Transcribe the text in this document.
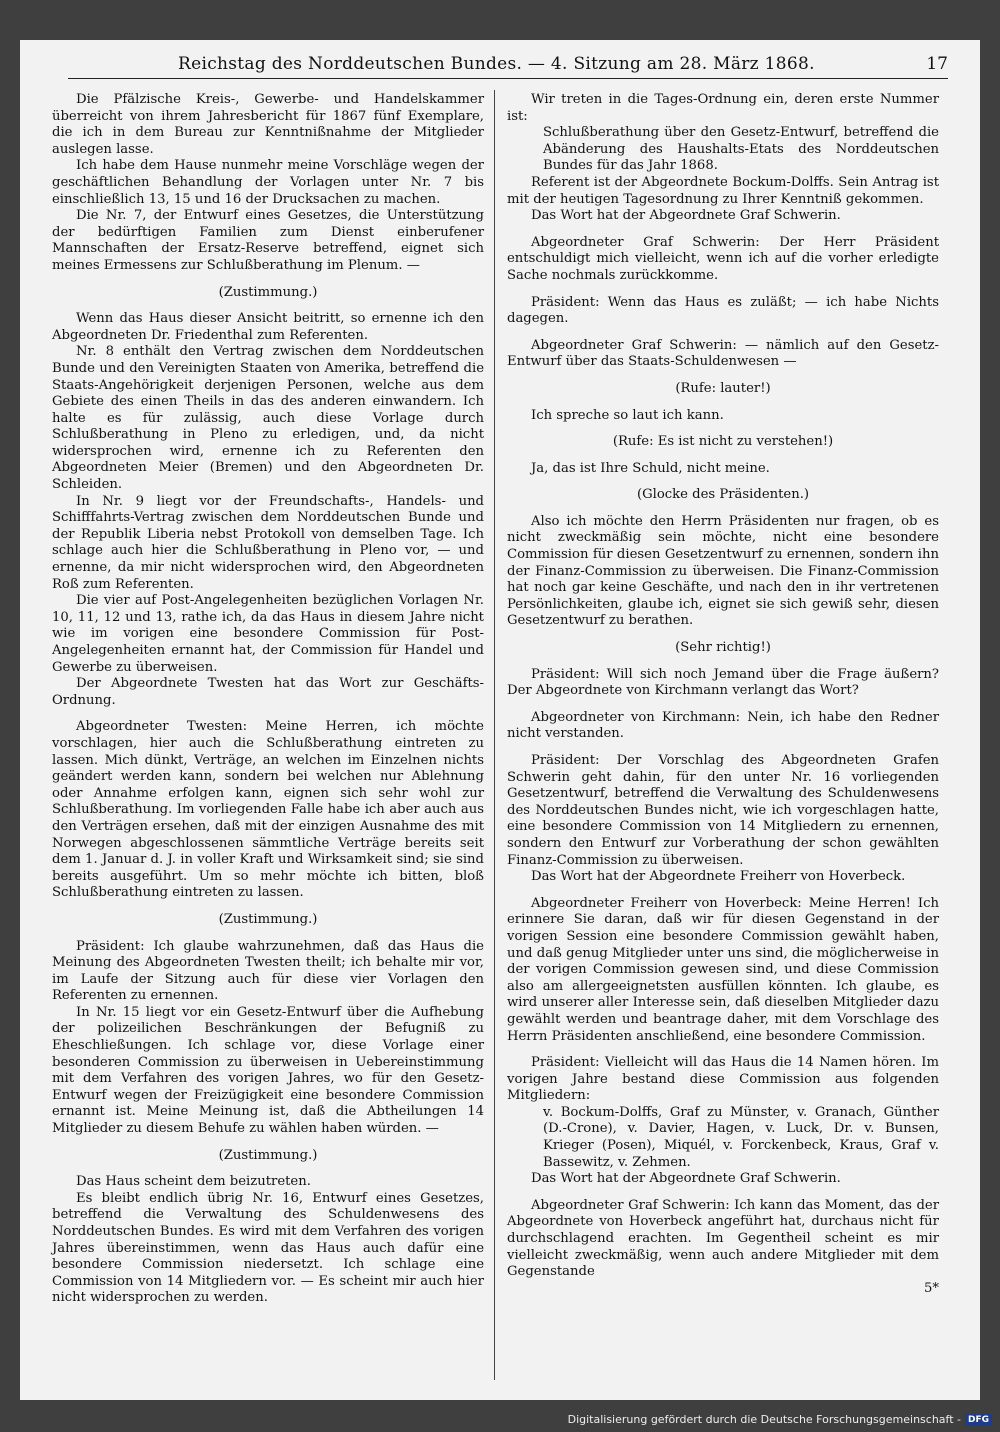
Reichstag des Norddeutschen Bundes. — 4. Sitzung am 28. März 1868.	17

Die Pfälzische Kreis-, Gewerbe- und Handelskammer überreicht von ihrem Jahresbericht für 1867 fünf Exemplare, die ich in dem Bureau zur Kenntnißnahme der Mitglieder auslegen lasse.

Ich habe dem Hause nunmehr meine Vorschläge wegen der geschäftlichen Behandlung der Vorlagen unter Nr. 7 bis einschließlich 13, 15 und 16 der Drucksachen zu machen.

Die Nr. 7, der Entwurf eines Gesetzes, die Unterstützung der bedürftigen Familien zum Dienst einberufener Mannschaften der Ersatz-Reserve betreffend, eignet sich meines Ermessens zur Schlußberathung im Plenum. —

(Zustimmung.)

Wenn das Haus dieser Ansicht beitritt, so ernenne ich den Abgeordneten Dr. Friedenthal zum Referenten.

Nr. 8 enthält den Vertrag zwischen dem Norddeutschen Bunde und den Vereinigten Staaten von Amerika, betreffend die Staats-Angehörigkeit derjenigen Personen, welche aus dem Gebiete des einen Theils in das des anderen einwandern. Ich halte es für zulässig, auch diese Vorlage durch Schlußberathung in Pleno zu erledigen, und, da nicht widersprochen wird, ernenne ich zu Referenten den Abgeordneten Meier (Bremen) und den Abgeordneten Dr. Schleiden.

In Nr. 9 liegt vor der Freundschafts-, Handels- und Schifffahrts-Vertrag zwischen dem Norddeutschen Bunde und der Republik Liberia nebst Protokoll von demselben Tage. Ich schlage auch hier die Schlußberathung in Pleno vor, — und ernenne, da mir nicht widersprochen wird, den Abgeordneten Roß zum Referenten.

Die vier auf Post-Angelegenheiten bezüglichen Vorlagen Nr. 10, 11, 12 und 13, rathe ich, da das Haus in diesem Jahre nicht wie im vorigen eine besondere Commission für Post-Angelegenheiten ernannt hat, der Commission für Handel und Gewerbe zu überweisen.

Der Abgeordnete Twesten hat das Wort zur Geschäfts-Ordnung.

Abgeordneter Twesten: Meine Herren, ich möchte vorschlagen, hier auch die Schlußberathung eintreten zu lassen. Mich dünkt, Verträge, an welchen im Einzelnen nichts geändert werden kann, sondern bei welchen nur Ablehnung oder Annahme erfolgen kann, eignen sich sehr wohl zur Schlußberathung. Im vorliegenden Falle habe ich aber auch aus den Verträgen ersehen, daß mit der einzigen Ausnahme des mit Norwegen abgeschlossenen sämmtliche Verträge bereits seit dem 1. Januar d. J. in voller Kraft und Wirksamkeit sind; sie sind bereits ausgeführt. Um so mehr möchte ich bitten, bloß Schlußberathung eintreten zu lassen.

(Zustimmung.)

Präsident: Ich glaube wahrzunehmen, daß das Haus die Meinung des Abgeordneten Twesten theilt; ich behalte mir vor, im Laufe der Sitzung auch für diese vier Vorlagen den Referenten zu ernennen.

In Nr. 15 liegt vor ein Gesetz-Entwurf über die Aufhebung der polizeilichen Beschränkungen der Befugniß zu Eheschließungen. Ich schlage vor, diese Vorlage einer besonderen Commission zu überweisen in Uebereinstimmung mit dem Verfahren des vorigen Jahres, wo für den Gesetz-Entwurf wegen der Freizügigkeit eine besondere Commission ernannt ist. Meine Meinung ist, daß die Abtheilungen 14 Mitglieder zu diesem Behufe zu wählen haben würden. —

(Zustimmung.)

Das Haus scheint dem beizutreten.

Es bleibt endlich übrig Nr. 16, Entwurf eines Gesetzes, betreffend die Verwaltung des Schuldenwesens des Norddeutschen Bundes. Es wird mit dem Verfahren des vorigen Jahres übereinstimmen, wenn das Haus auch dafür eine besondere Commission niedersetzt. Ich schlage eine Commission von 14 Mitgliedern vor. — Es scheint mir auch hier nicht widersprochen zu werden.

Wir treten in die Tages-Ordnung ein, deren erste Nummer ist:

Schlußberathung über den Gesetz-Entwurf, betreffend die Abänderung des Haushalts-Etats des Norddeutschen Bundes für das Jahr 1868.

Referent ist der Abgeordnete Bockum-Dolffs. Sein Antrag ist mit der heutigen Tagesordnung zu Ihrer Kenntniß gekommen.

Das Wort hat der Abgeordnete Graf Schwerin.

Abgeordneter Graf Schwerin: Der Herr Präsident entschuldigt mich vielleicht, wenn ich auf die vorher erledigte Sache nochmals zurückkomme.

Präsident: Wenn das Haus es zuläßt; — ich habe Nichts dagegen.

Abgeordneter Graf Schwerin: — nämlich auf den Gesetz-Entwurf über das Staats-Schuldenwesen —

(Rufe: lauter!)

Ich spreche so laut ich kann.

(Rufe: Es ist nicht zu verstehen!)

Ja, das ist Ihre Schuld, nicht meine.

(Glocke des Präsidenten.)

Also ich möchte den Herrn Präsidenten nur fragen, ob es nicht zweckmäßig sein möchte, nicht eine besondere Commission für diesen Gesetzentwurf zu ernennen, sondern ihn der Finanz-Commission zu überweisen. Die Finanz-Commission hat noch gar keine Geschäfte, und nach den in ihr vertretenen Persönlichkeiten, glaube ich, eignet sie sich gewiß sehr, diesen Gesetzentwurf zu berathen.

(Sehr richtig!)

Präsident: Will sich noch Jemand über die Frage äußern? Der Abgeordnete von Kirchmann verlangt das Wort?

Abgeordneter von Kirchmann: Nein, ich habe den Redner nicht verstanden.

Präsident: Der Vorschlag des Abgeordneten Grafen Schwerin geht dahin, für den unter Nr. 16 vorliegenden Gesetzentwurf, betreffend die Verwaltung des Schuldenwesens des Norddeutschen Bundes nicht, wie ich vorgeschlagen hatte, eine besondere Commission von 14 Mitgliedern zu ernennen, sondern den Entwurf zur Vorberathung der schon gewählten Finanz-Commission zu überweisen.

Das Wort hat der Abgeordnete Freiherr von Hoverbeck.

Abgeordneter Freiherr von Hoverbeck: Meine Herren! Ich erinnere Sie daran, daß wir für diesen Gegenstand in der vorigen Session eine besondere Commission gewählt haben, und daß genug Mitglieder unter uns sind, die möglicherweise in der vorigen Commission gewesen sind, und diese Commission also am allergeeignetsten ausfüllen könnten. Ich glaube, es wird unserer aller Interesse sein, daß dieselben Mitglieder dazu gewählt werden und beantrage daher, mit dem Vorschlage des Herrn Präsidenten anschließend, eine besondere Commission.

Präsident: Vielleicht will das Haus die 14 Namen hören. Im vorigen Jahre bestand diese Commission aus folgenden Mitgliedern:

v. Bockum-Dolffs, Graf zu Münster, v. Granach, Günther (D.-Crone), v. Davier, Hagen, v. Luck, Dr. v. Bunsen, Krieger (Posen), Miquél, v. Forckenbeck, Kraus, Graf v. Bassewitz, v. Zehmen.

Das Wort hat der Abgeordnete Graf Schwerin.

Abgeordneter Graf Schwerin: Ich kann das Moment, das der Abgeordnete von Hoverbeck angeführt hat, durchaus nicht für durchschlagend erachten. Im Gegentheil scheint es mir vielleicht zweckmäßig, wenn auch andere Mitglieder mit dem Gegenstande

5*

Digitalisierung gefördert durch die Deutsche Forschungsgemeinschaft - DFG
